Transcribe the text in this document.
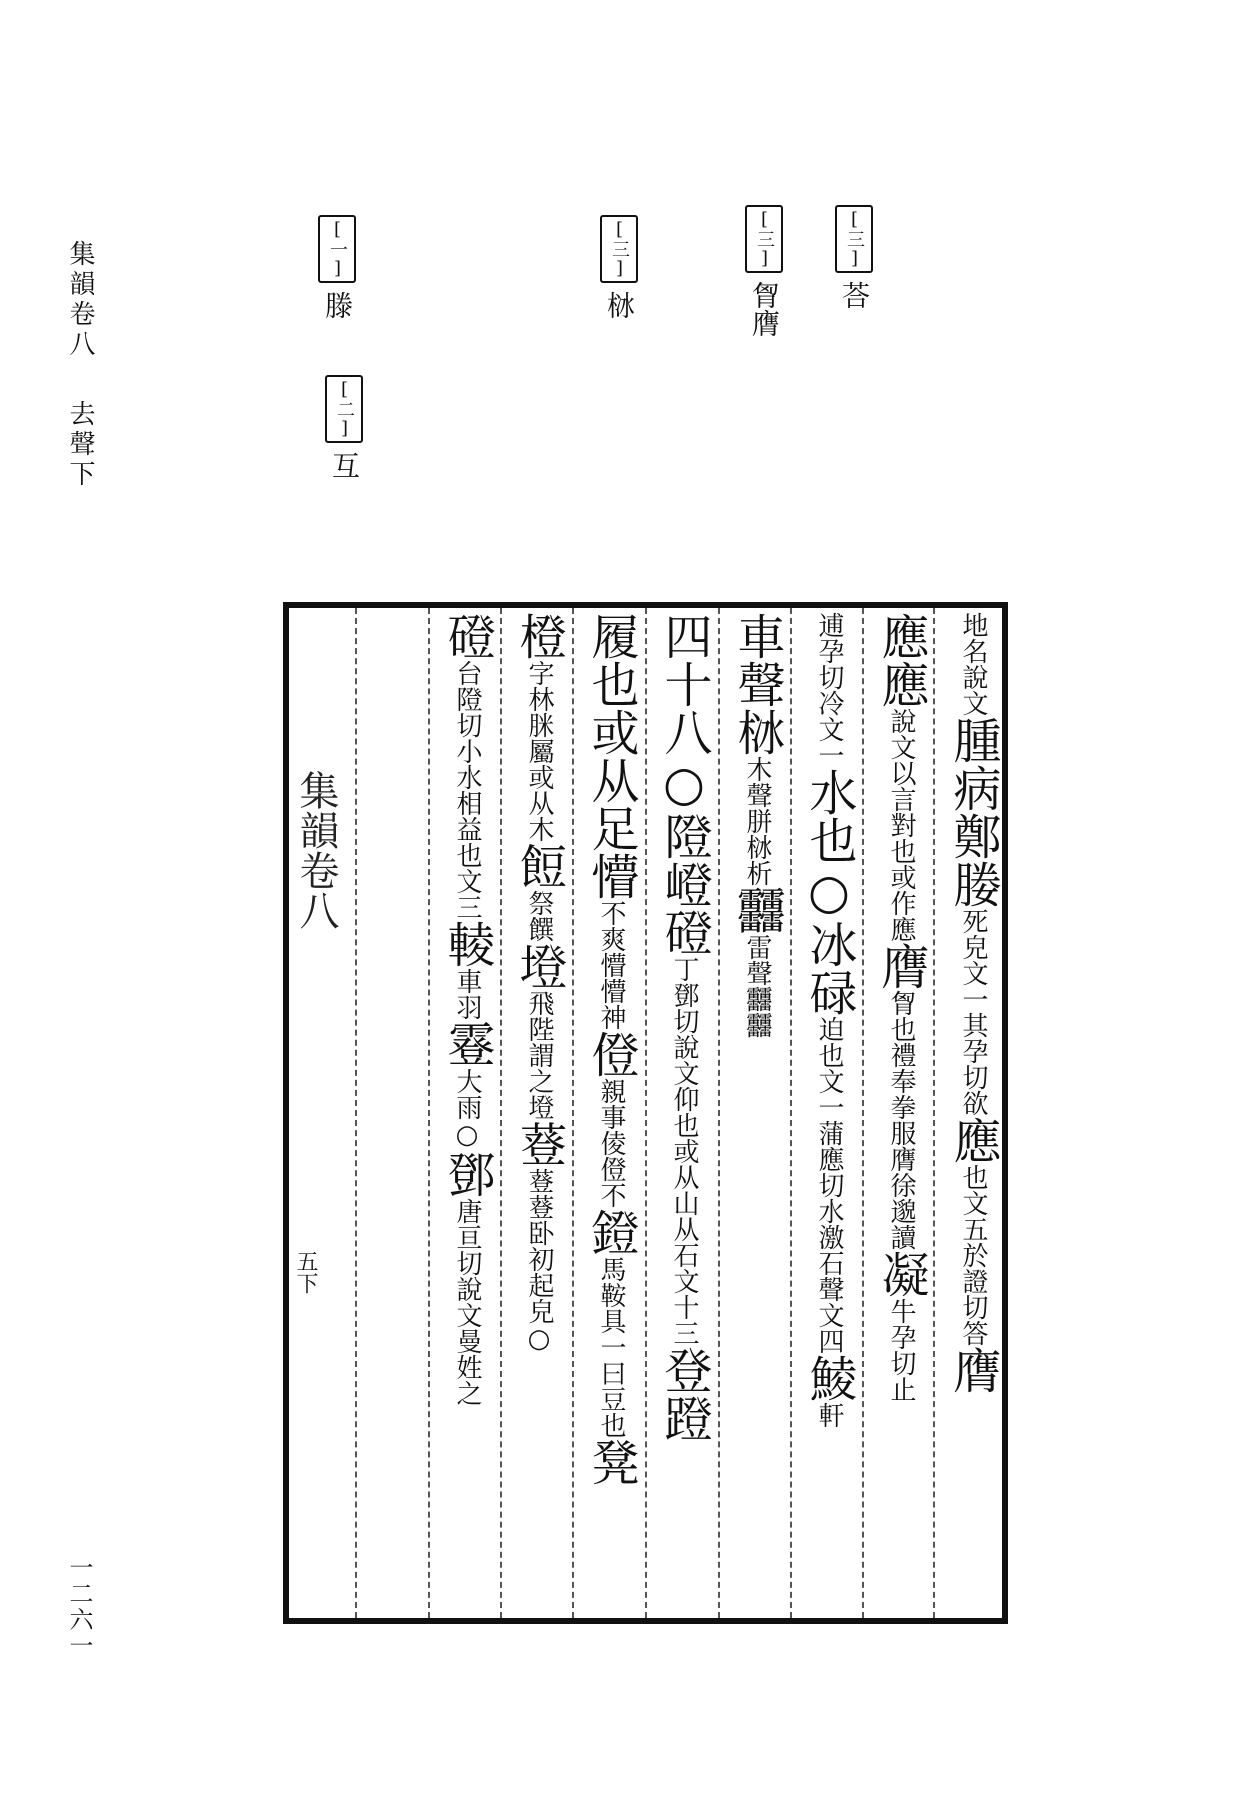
集韻卷八去聲下
一二六一
[三]荅
[三]胷膺
[三]栤
[一]滕
[二]互
集韻卷八
五下
地名說文腫病鄭媵死皃文一其孕切欲應也文五於證切答膺
應應說文以言對也或作應膺胷也禮奉拳服膺徐邈讀凝牛孕切止
逋孕切冷文一水也○冰碌迫也文一蒲應切水激石聲文四鯪軒
車聲栤木聲胼栤析䨻雷聲䨻䨻
四十八○隥嶝磴丁鄧切說文仰也或从山从石文十三登蹬
履也或从足懵不爽懵懵神僜親事倰僜不鐙馬鞍具一曰豆也凳
橙字林脒屬或从木餖祭饌墱飛陛謂之墱䔲䔲䔲卧初起皃○
磴台隥切小水相益也文三輘車羽霯大雨○鄧唐亘切說文曼姓之
